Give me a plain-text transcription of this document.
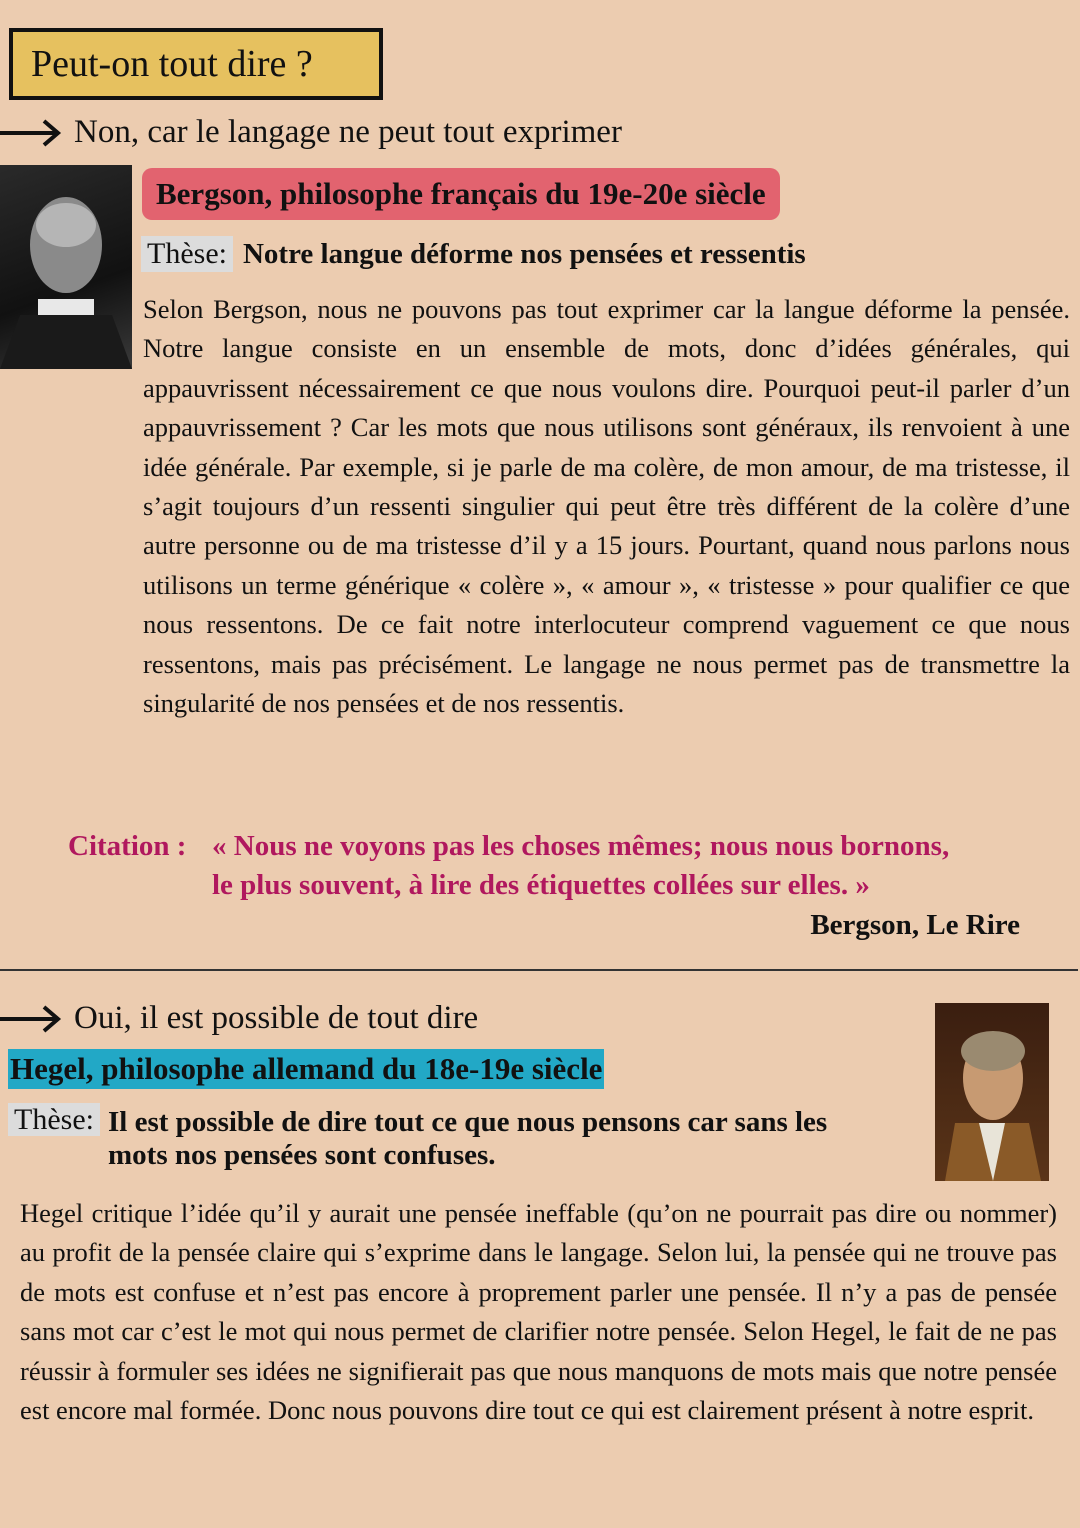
Peut-on tout dire ?
Non, car le langage ne peut tout exprimer
Bergson, philosophe français du 19e-20e siècle
Thèse: Notre langue déforme nos pensées et ressentis
Selon Bergson, nous ne pouvons pas tout exprimer car la langue déforme la pensée. Notre langue consiste en un ensemble de mots, donc d’idées générales, qui appauvrissent nécessairement ce que nous voulons dire. Pourquoi peut-il parler d’un appauvrissement ? Car les mots que nous utilisons sont généraux, ils renvoient à une idée générale. Par exemple, si je parle de ma colère, de mon amour, de ma tristesse, il s’agit toujours d’un ressenti singulier qui peut être très différent de la colère d’une autre personne ou de ma tristesse d’il y a 15 jours. Pourtant, quand nous parlons nous utilisons un terme générique « colère », « amour », « tristesse » pour qualifier ce que nous ressentons. De ce fait notre interlocuteur comprend vaguement ce que nous ressentons, mais pas précisément. Le langage ne nous permet pas de transmettre la singularité de nos pensées et de nos ressentis.
Citation : « Nous ne voyons pas les choses mêmes; nous nous bornons,
le plus souvent, à lire des étiquettes collées sur elles. »
Bergson, Le Rire
Oui, il est possible de tout dire
Hegel, philosophe allemand du 18e-19e siècle
Thèse: Il est possible de dire tout ce que nous pensons car sans les
mots nos pensées sont confuses.
Hegel critique l’idée qu’il y aurait une pensée ineffable (qu’on ne pourrait pas dire ou nommer) au profit de la pensée claire qui s’exprime dans le langage. Selon lui, la pensée qui ne trouve pas de mots est confuse et n’est pas encore à proprement parler une pensée. Il n’y a pas de pensée sans mot car c’est le mot qui nous permet de clarifier notre pensée. Selon Hegel, le fait de ne pas réussir à formuler ses idées ne signifierait pas que nous manquons de mots mais que notre pensée est encore mal formée. Donc nous pouvons dire tout ce qui est clairement présent à notre esprit.
